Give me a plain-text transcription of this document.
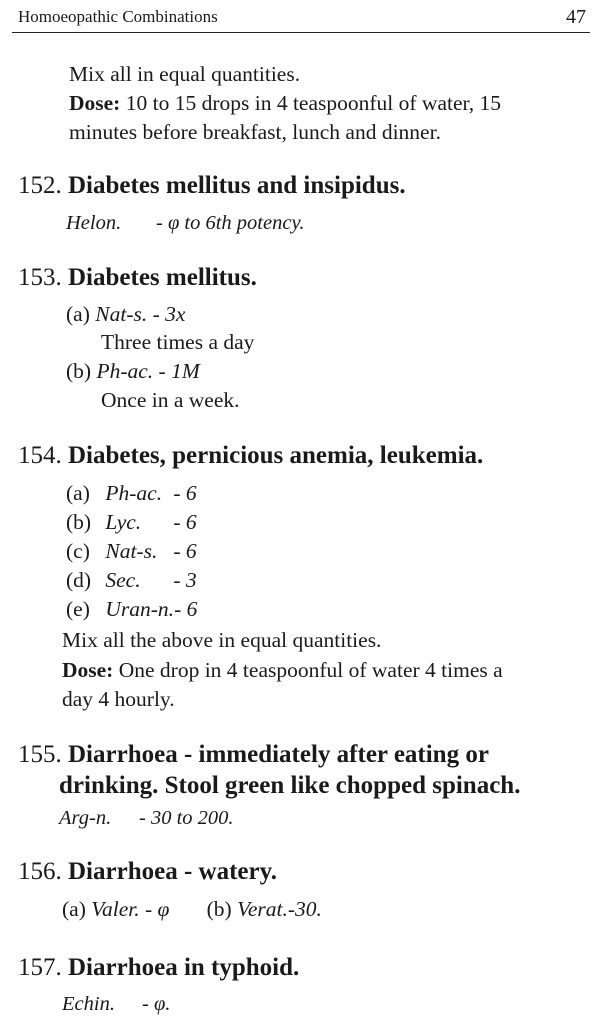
Homoeopathic Combinations	47
Mix all in equal quantities.
Dose: 10 to 15 drops in 4 teaspoonful of water, 15
minutes before breakfast, lunch and dinner.
152. Diabetes mellitus and insipidus.
Helon. - φ to 6th potency.
153. Diabetes mellitus.
(a) Nat-s. - 3x
Three times a day
(b) Ph-ac. - 1M
Once in a week.
154. Diabetes, pernicious anemia, leukemia.
(a) Ph-ac. - 6
(b) Lyc. - 6
(c) Nat-s. - 6
(d) Sec. - 3
(e) Uran-n.- 6
Mix all the above in equal quantities.
Dose: One drop in 4 teaspoonful of water 4 times a
day 4 hourly.
155. Diarrhoea - immediately after eating or
drinking. Stool green like chopped spinach.
Arg-n. - 30 to 200.
156. Diarrhoea - watery.
(a) Valer. - φ (b) Verat.-30.
157. Diarrhoea in typhoid.
Echin. - φ.
